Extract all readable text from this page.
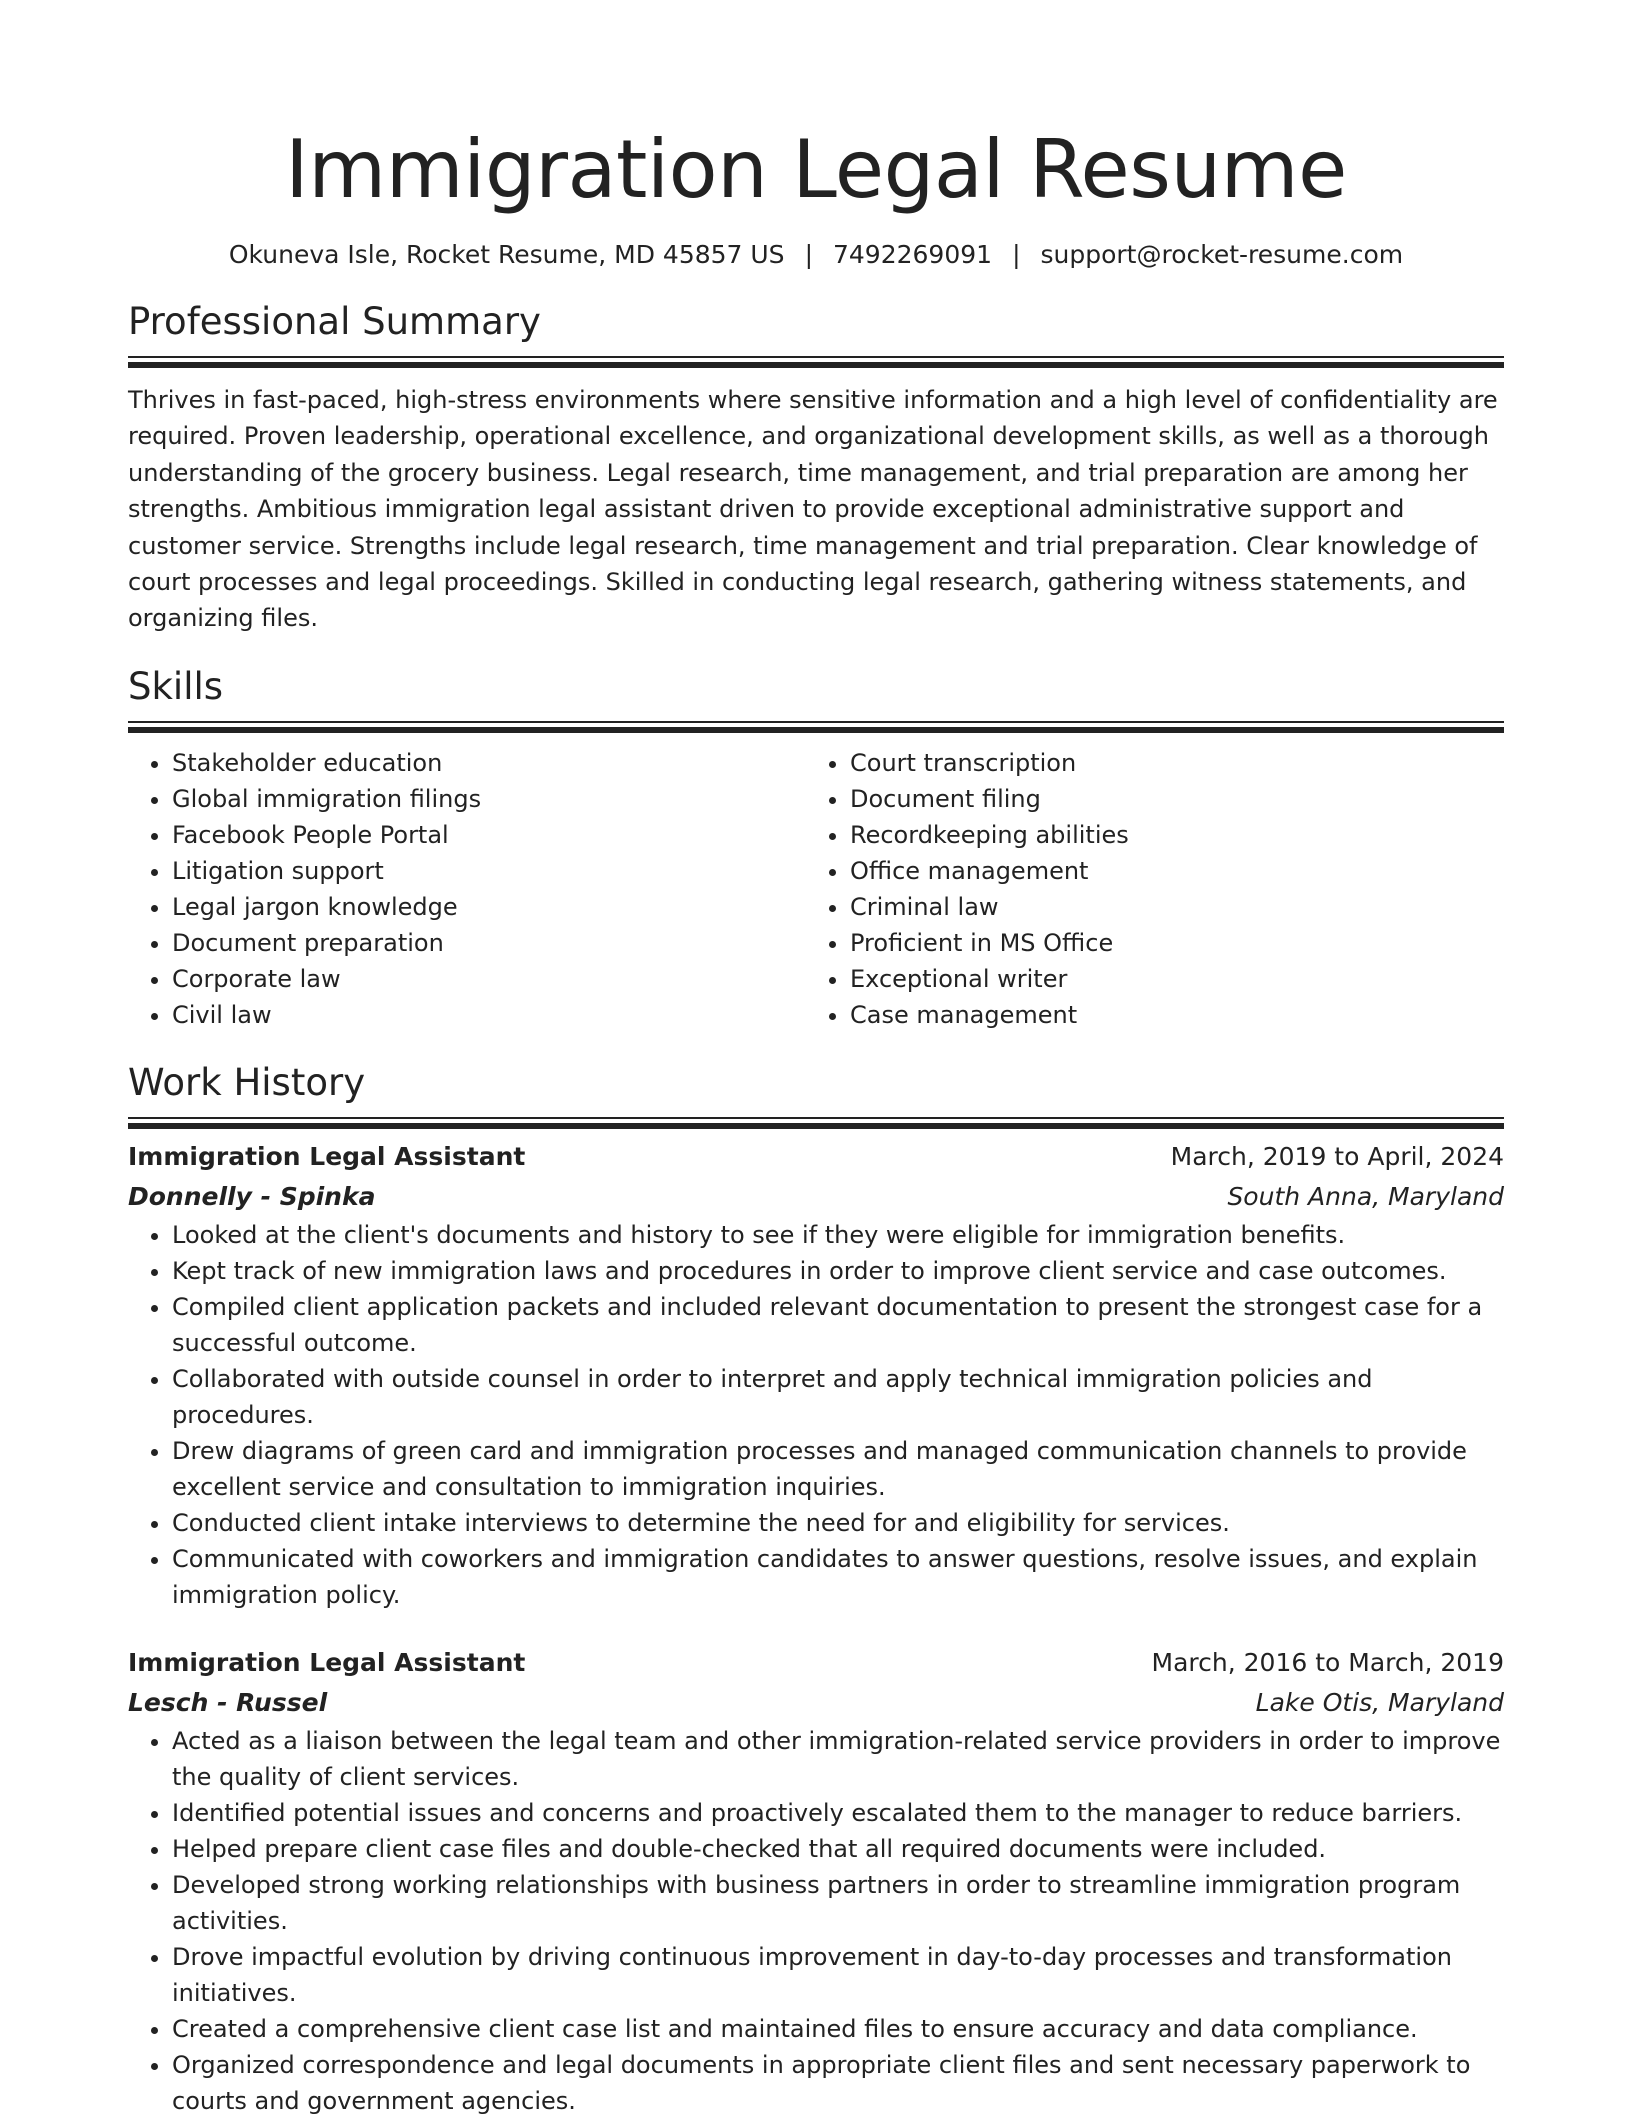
Immigration Legal Resume
Okuneva Isle, Rocket Resume, MD 45857 US | 7492269091 | support@rocket-resume.com
Professional Summary
Thrives in fast-paced, high-stress environments where sensitive information and a high level of confidentiality are required. Proven leadership, operational excellence, and organizational development skills, as well as a thorough understanding of the grocery business. Legal research, time management, and trial preparation are among her strengths. Ambitious immigration legal assistant driven to provide exceptional administrative support and customer service. Strengths include legal research, time management and trial preparation. Clear knowledge of court processes and legal proceedings. Skilled in conducting legal research, gathering witness statements, and organizing files.
Skills
• Stakeholder education
• Global immigration filings
• Facebook People Portal
• Litigation support
• Legal jargon knowledge
• Document preparation
• Corporate law
• Civil law
• Court transcription
• Document filing
• Recordkeeping abilities
• Office management
• Criminal law
• Proficient in MS Office
• Exceptional writer
• Case management
Work History
Immigration Legal Assistant	March, 2019 to April, 2024
Donnelly - Spinka	South Anna, Maryland
• Looked at the client's documents and history to see if they were eligible for immigration benefits.
• Kept track of new immigration laws and procedures in order to improve client service and case outcomes.
• Compiled client application packets and included relevant documentation to present the strongest case for a successful outcome.
• Collaborated with outside counsel in order to interpret and apply technical immigration policies and procedures.
• Drew diagrams of green card and immigration processes and managed communication channels to provide excellent service and consultation to immigration inquiries.
• Conducted client intake interviews to determine the need for and eligibility for services.
• Communicated with coworkers and immigration candidates to answer questions, resolve issues, and explain immigration policy.
Immigration Legal Assistant	March, 2016 to March, 2019
Lesch - Russel	Lake Otis, Maryland
• Acted as a liaison between the legal team and other immigration-related service providers in order to improve the quality of client services.
• Identified potential issues and concerns and proactively escalated them to the manager to reduce barriers.
• Helped prepare client case files and double-checked that all required documents were included.
• Developed strong working relationships with business partners in order to streamline immigration program activities.
• Drove impactful evolution by driving continuous improvement in day-to-day processes and transformation initiatives.
• Created a comprehensive client case list and maintained files to ensure accuracy and data compliance.
• Organized correspondence and legal documents in appropriate client files and sent necessary paperwork to courts and government agencies.
